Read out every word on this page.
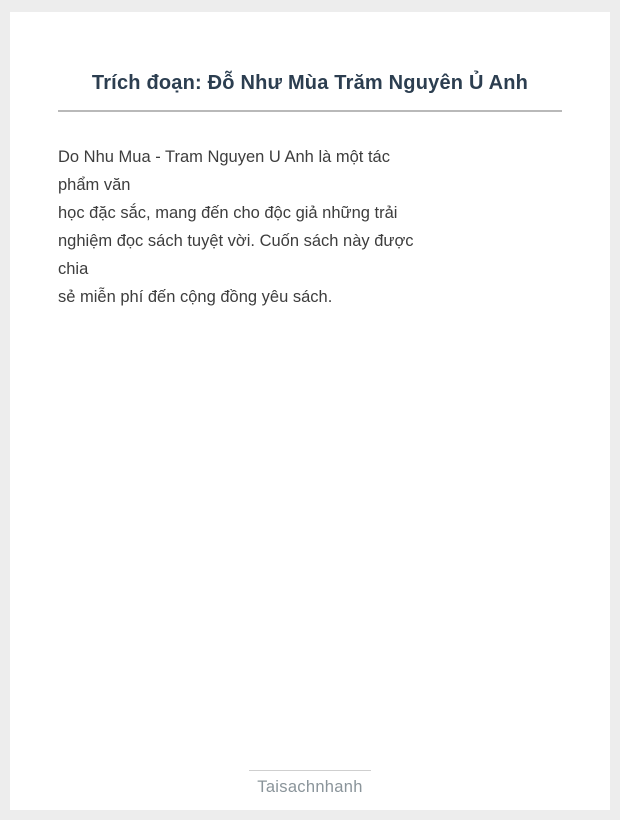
Trích đoạn: Đỗ Như Mùa Trăm Nguyên Ủ Anh
Do Nhu Mua - Tram Nguyen U Anh là một tác
phẩm văn
học đặc sắc, mang đến cho độc giả những trải
nghiệm đọc sách tuyệt vời. Cuốn sách này được
chia
sẻ miễn phí đến cộng đồng yêu sách.
Taisachnhanh
